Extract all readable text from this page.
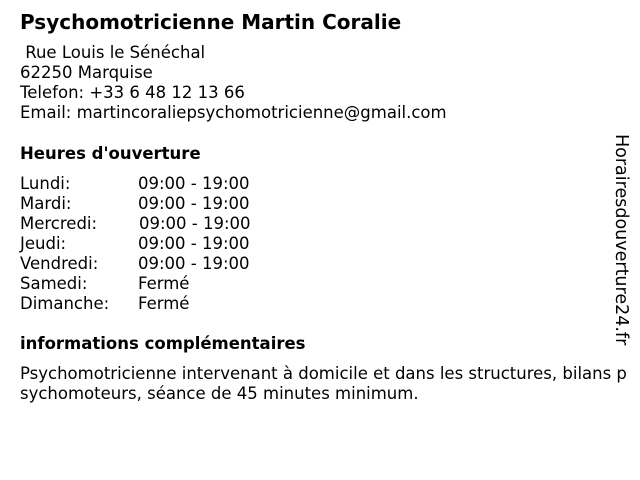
Psychomotricienne Martin Coralie
Rue Louis le Sénéchal
62250 Marquise
Telefon: +33 6 48 12 13 66
Email: martincoraliepsychomotricienne@gmail.com
Heures d'ouverture
Lundi:	09:00 - 19:00
Mardi:	09:00 - 19:00
Mercredi:	09:00 - 19:00
Jeudi:	09:00 - 19:00
Vendredi: 09:00 - 19:00
Samedi:	Fermé
Dimanche: Fermé
informations complémentaires
Psychomotricienne intervenant à domicile et dans les structures, bilans psychomoteurs, séance de 45 minutes minimum.
Horairesdouverture24.fr
